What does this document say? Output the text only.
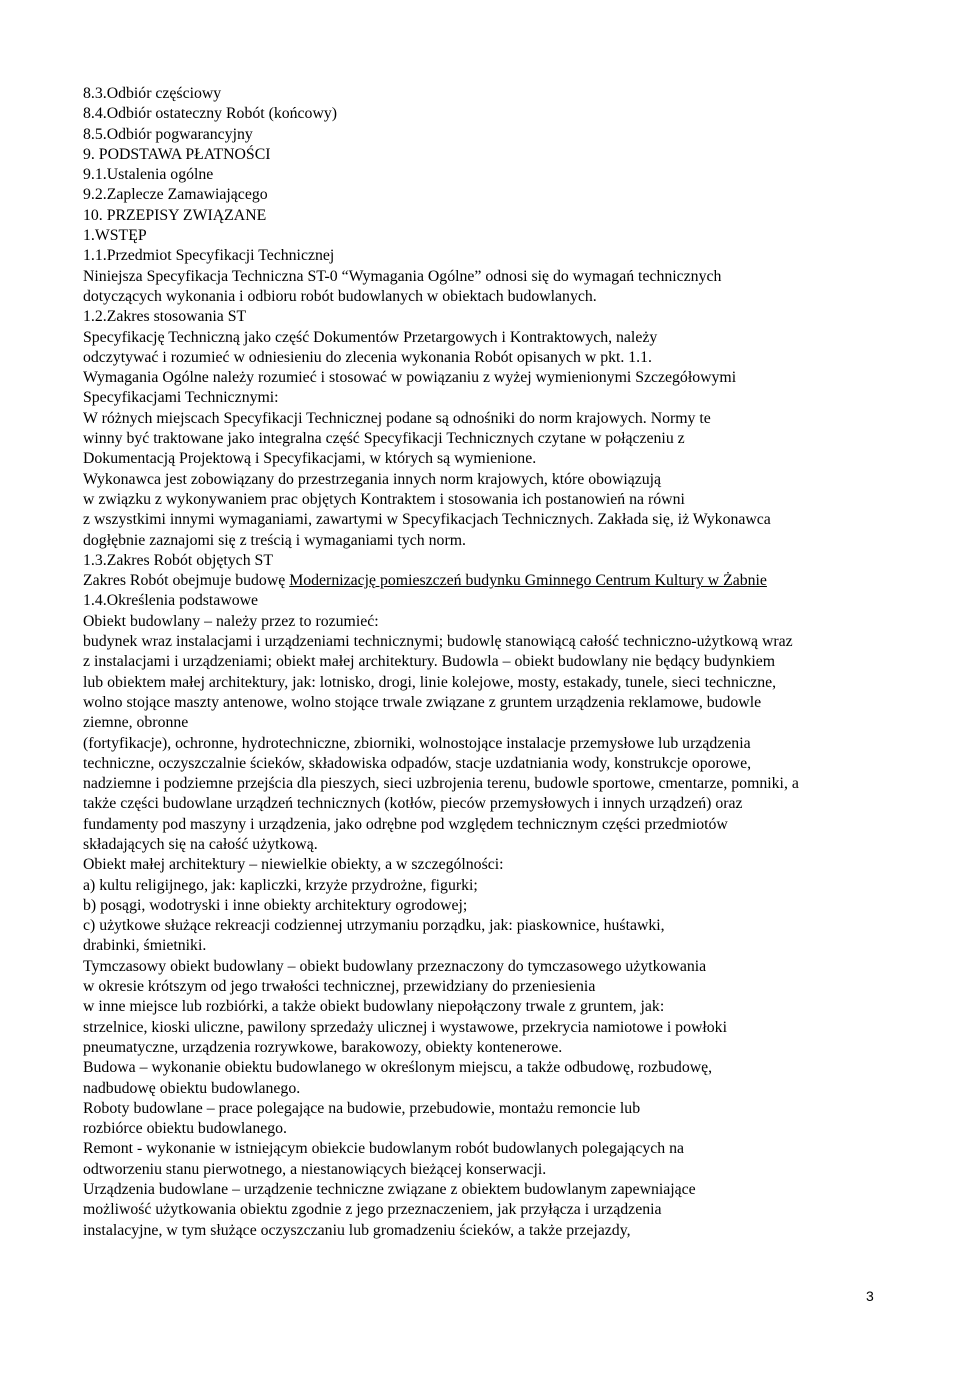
8.3.Odbiór częściowy
8.4.Odbiór ostateczny Robót (końcowy)
8.5.Odbiór pogwarancyjny
9. PODSTAWA PŁATNOŚCI
9.1.Ustalenia ogólne
9.2.Zaplecze Zamawiającego
10. PRZEPISY ZWIĄZANE
1.WSTĘP
1.1.Przedmiot Specyfikacji Technicznej
Niniejsza Specyfikacja Techniczna ST-0 “Wymagania Ogólne” odnosi się do wymagań technicznych
dotyczących wykonania i odbioru robót budowlanych w obiektach budowlanych.
1.2.Zakres stosowania ST
Specyfikację Techniczną jako część Dokumentów Przetargowych i Kontraktowych, należy
odczytywać i rozumieć w odniesieniu do zlecenia wykonania Robót opisanych w pkt. 1.1.
Wymagania Ogólne należy rozumieć i stosować w powiązaniu z wyżej wymienionymi Szczegółowymi
Specyfikacjami Technicznymi:
W różnych miejscach Specyfikacji Technicznej podane są odnośniki do norm krajowych. Normy te
winny być traktowane jako integralna część Specyfikacji Technicznych czytane w połączeniu z
Dokumentacją Projektową i Specyfikacjami, w których są wymienione.
Wykonawca jest zobowiązany do przestrzegania innych norm krajowych, które obowiązują
w związku z wykonywaniem prac objętych Kontraktem i stosowania ich postanowień na równi
z wszystkimi innymi wymaganiami, zawartymi w Specyfikacjach Technicznych. Zakłada się, iż Wykonawca
dogłębnie zaznajomi się z treścią i wymaganiami tych norm.
1.3.Zakres Robót objętych ST
Zakres Robót obejmuje budowę Modernizację pomieszczeń budynku Gminnego Centrum Kultury w Żabnie
1.4.Określenia podstawowe
Obiekt budowlany – należy przez to rozumieć:
budynek wraz instalacjami i urządzeniami technicznymi; budowlę stanowiącą całość techniczno-użytkową wraz
z instalacjami i urządzeniami; obiekt małej architektury. Budowla – obiekt budowlany nie będący budynkiem
lub obiektem małej architektury, jak: lotnisko, drogi, linie kolejowe, mosty, estakady, tunele, sieci techniczne,
wolno stojące maszty antenowe, wolno stojące trwale związane z gruntem urządzenia reklamowe, budowle
ziemne, obronne
(fortyfikacje), ochronne, hydrotechniczne, zbiorniki, wolnostojące instalacje przemysłowe lub urządzenia
techniczne, oczyszczalnie ścieków, składowiska odpadów, stacje uzdatniania wody, konstrukcje oporowe,
nadziemne i podziemne przejścia dla pieszych, sieci uzbrojenia terenu, budowle sportowe, cmentarze, pomniki, a
także części budowlane urządzeń technicznych (kotłów, pieców przemysłowych i innych urządzeń) oraz
fundamenty pod maszyny i urządzenia, jako odrębne pod względem technicznym części przedmiotów
składających się na całość użytkową.
Obiekt małej architektury – niewielkie obiekty, a w szczególności:
a) kultu religijnego, jak: kapliczki, krzyże przydrożne, figurki;
b) posągi, wodotryski i inne obiekty architektury ogrodowej;
c) użytkowe służące rekreacji codziennej utrzymaniu porządku, jak: piaskownice, huśtawki,
drabinki, śmietniki.
Tymczasowy obiekt budowlany – obiekt budowlany przeznaczony do tymczasowego użytkowania
w okresie krótszym od jego trwałości technicznej, przewidziany do przeniesienia
w inne miejsce lub rozbiórki, a także obiekt budowlany niepołączony trwale z gruntem, jak:
strzelnice, kioski uliczne, pawilony sprzedaży ulicznej i wystawowe, przekrycia namiotowe i powłoki
pneumatyczne, urządzenia rozrywkowe, barakowozy, obiekty kontenerowe.
Budowa – wykonanie obiektu budowlanego w określonym miejscu, a także odbudowę, rozbudowę,
nadbudowę obiektu budowlanego.
Roboty budowlane – prace polegające na budowie, przebudowie, montażu remoncie lub
rozbiórce obiektu budowlanego.
Remont - wykonanie w istniejącym obiekcie budowlanym robót budowlanych polegających na
odtworzeniu stanu pierwotnego, a niestanowiących bieżącej konserwacji.
Urządzenia budowlane – urządzenie techniczne związane z obiektem budowlanym zapewniające
możliwość użytkowania obiektu zgodnie z jego przeznaczeniem, jak przyłącza i urządzenia
instalacyjne, w tym służące oczyszczaniu lub gromadzeniu ścieków, a także przejazdy,
3
